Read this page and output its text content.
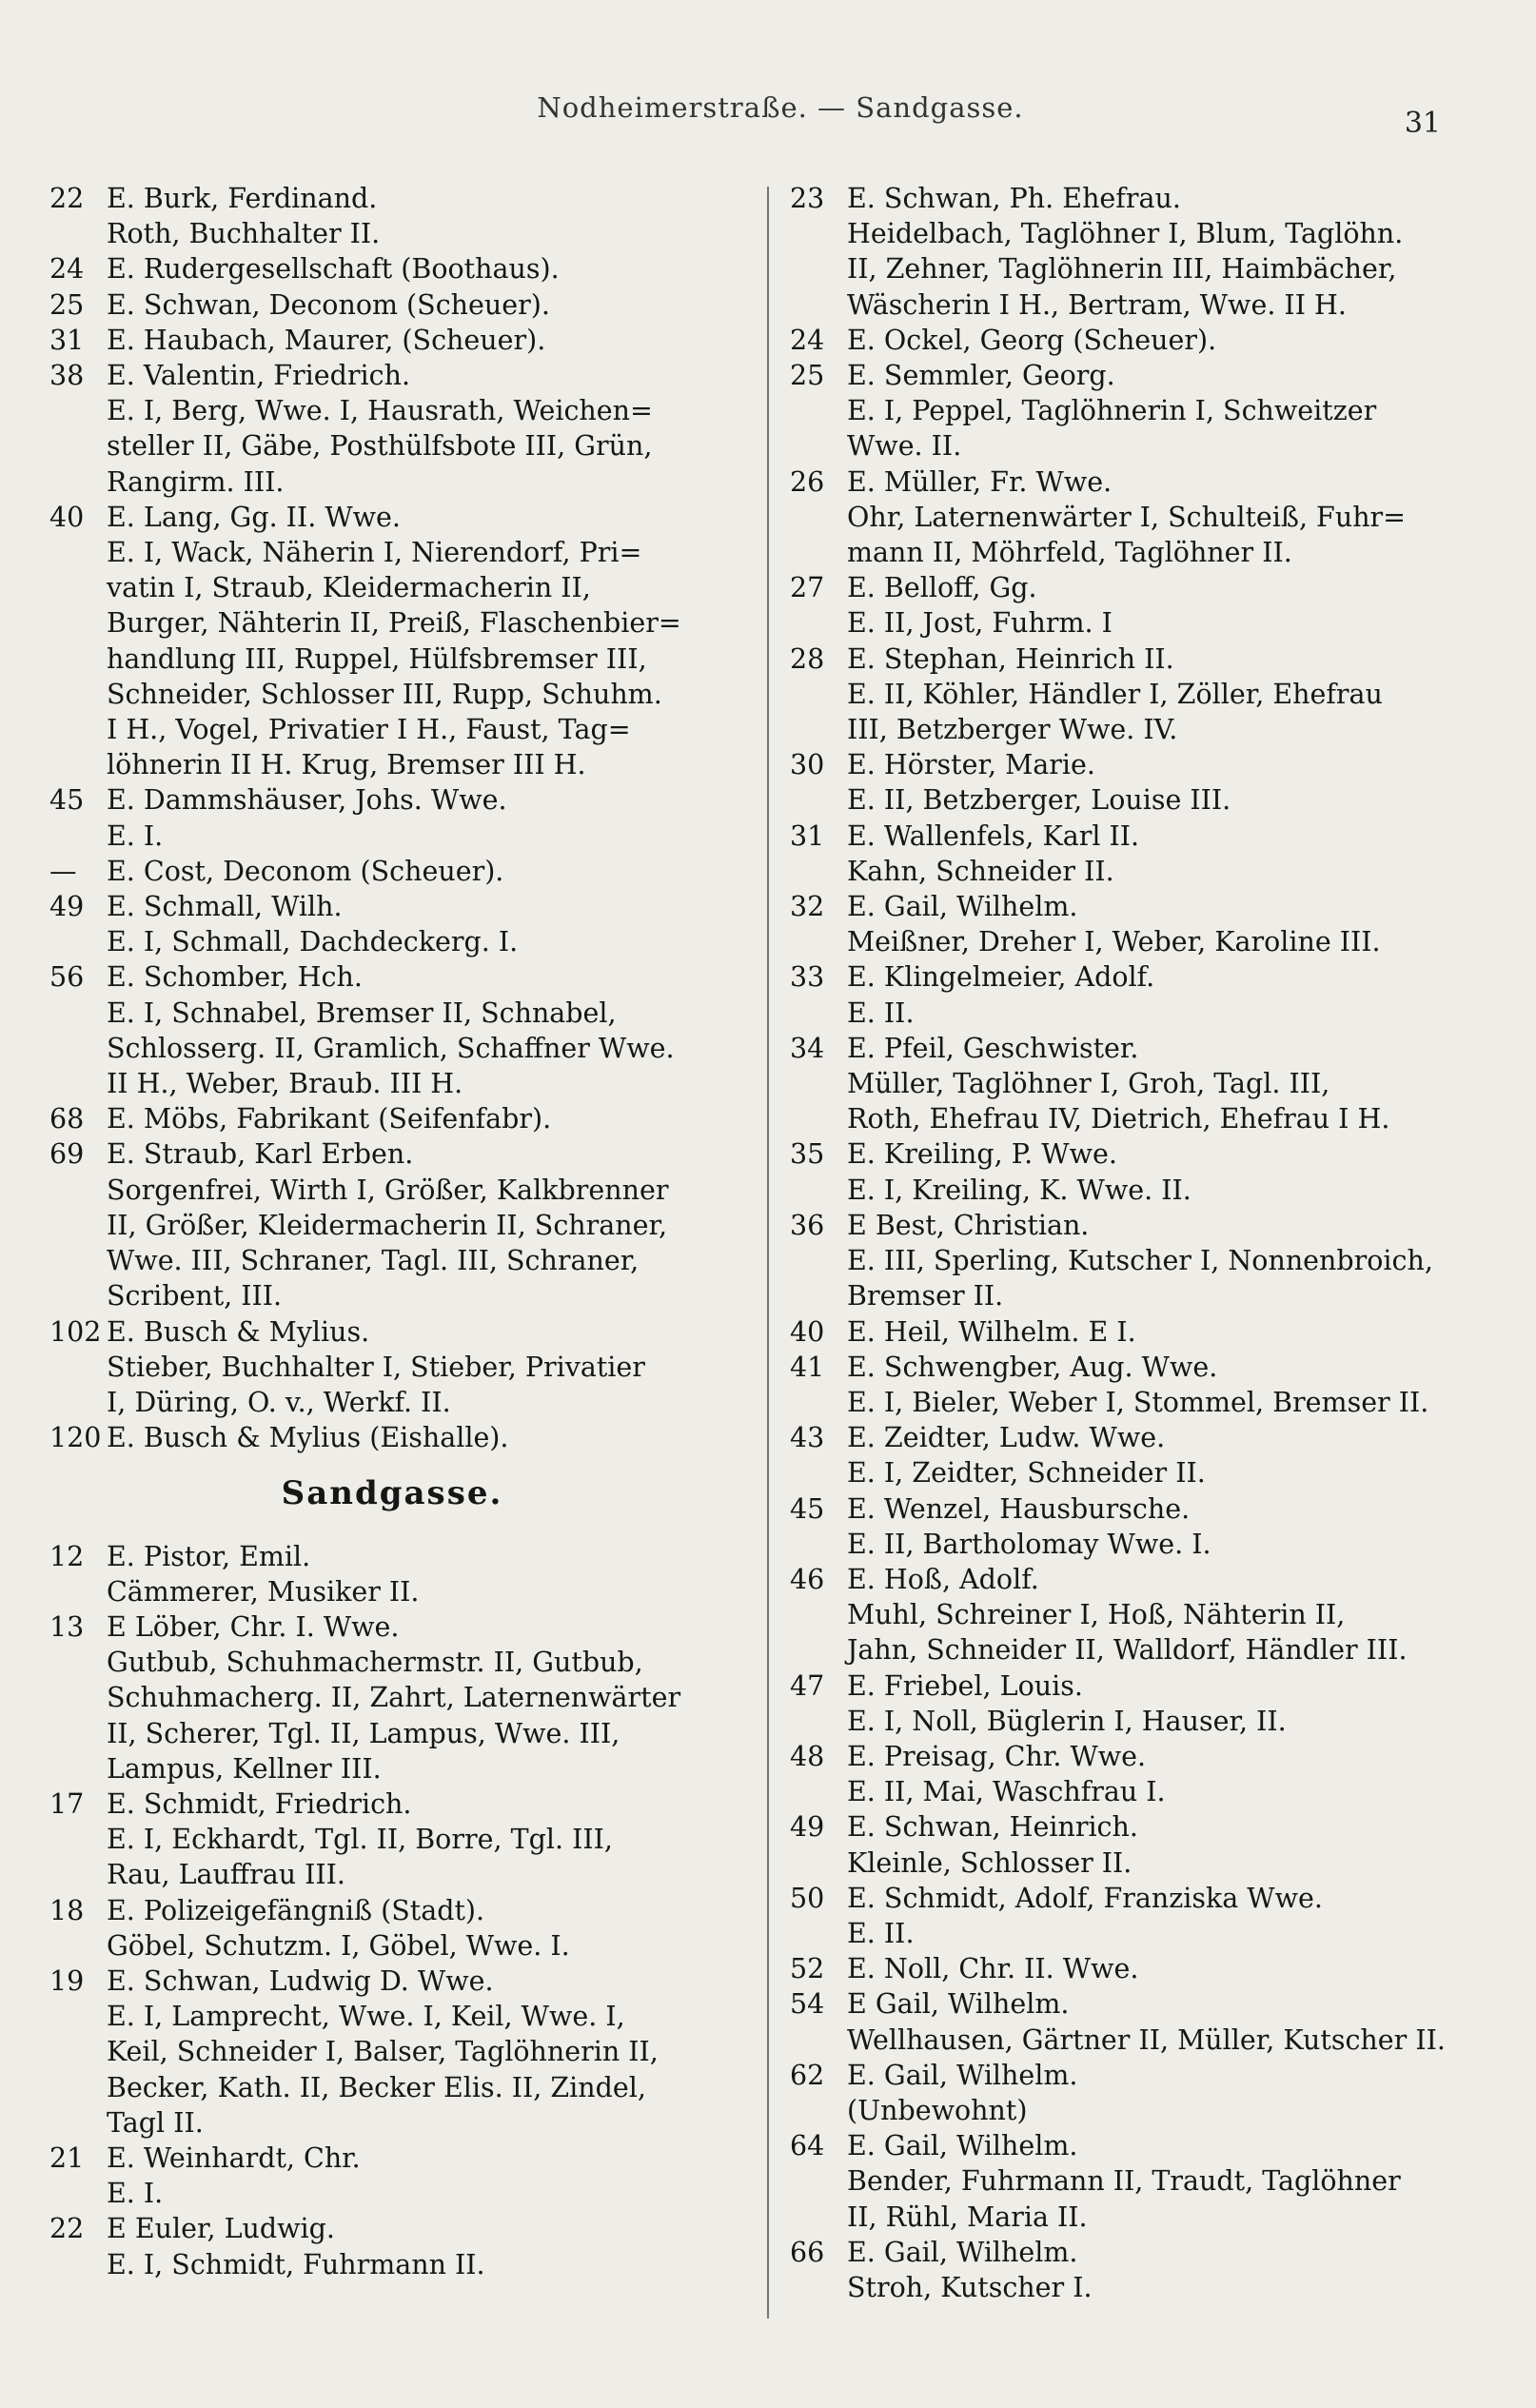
Nodheimerstraße. — Sandgasse.	31
22 E. Burk, Ferdinand.
Roth, Buchhalter II.
24 E. Rudergesellschaft (Boothaus).
25 E. Schwan, Deconom (Scheuer).
31 E. Haubach, Maurer, (Scheuer).
38 E. Valentin, Friedrich.
E. I, Berg, Wwe. I, Hausrath, Weichen=
steller II, Gäbe, Posthülfsbote III, Grün,
Rangirm. III.
40 E. Lang, Gg. II. Wwe.
E. I, Wack, Näherin I, Nierendorf, Pri=
vatin I, Straub, Kleidermacherin II,
Burger, Nähterin II, Preiß, Flaschenbier=
handlung III, Ruppel, Hülfsbremser III,
Schneider, Schlosser III, Rupp, Schuhm.
I H., Vogel, Privatier I H., Faust, Tag=
löhnerin II H. Krug, Bremser III H.
45 E. Dammshäuser, Johs. Wwe.
E. I.
— E. Cost, Deconom (Scheuer).
49 E. Schmall, Wilh.
E. I, Schmall, Dachdeckerg. I.
56 E. Schomber, Hch.
E. I, Schnabel, Bremser II, Schnabel,
Schlosserg. II, Gramlich, Schaffner Wwe.
II H., Weber, Braub. III H.
68 E. Möbs, Fabrikant (Seifenfabr).
69 E. Straub, Karl Erben.
Sorgenfrei, Wirth I, Größer, Kalkbrenner
II, Größer, Kleidermacherin II, Schraner,
Wwe. III, Schraner, Tagl. III, Schraner,
Scribent, III.
102 E. Busch & Mylius.
Stieber, Buchhalter I, Stieber, Privatier
I, Düring, O. v., Werkf. II.
120 E. Busch & Mylius (Eishalle).
Sandgasse.
12 E. Pistor, Emil.
Cämmerer, Musiker II.
13 E Löber, Chr. I. Wwe.
Gutbub, Schuhmachermstr. II, Gutbub,
Schuhmacherg. II, Zahrt, Laternenwärter
II, Scherer, Tgl. II, Lampus, Wwe. III,
Lampus, Kellner III.
17 E. Schmidt, Friedrich.
E. I, Eckhardt, Tgl. II, Borre, Tgl. III,
Rau, Lauffrau III.
18 E. Polizeigefängniß (Stadt).
Göbel, Schutzm. I, Göbel, Wwe. I.
19 E. Schwan, Ludwig D. Wwe.
E. I, Lamprecht, Wwe. I, Keil, Wwe. I,
Keil, Schneider I, Balser, Taglöhnerin II,
Becker, Kath. II, Becker Elis. II, Zindel,
Tagl II.
21 E. Weinhardt, Chr.
E. I.
22 E Euler, Ludwig.
E. I, Schmidt, Fuhrmann II.
23 E. Schwan, Ph. Ehefrau.
Heidelbach, Taglöhner I, Blum, Taglöhn.
II, Zehner, Taglöhnerin III, Haimbächer,
Wäscherin I H., Bertram, Wwe. II H.
24 E. Ockel, Georg (Scheuer).
25 E. Semmler, Georg.
E. I, Peppel, Taglöhnerin I, Schweitzer
Wwe. II.
26 E. Müller, Fr. Wwe.
Ohr, Laternenwärter I, Schulteiß, Fuhr=
mann II, Möhrfeld, Taglöhner II.
27 E. Belloff, Gg.
E. II, Jost, Fuhrm. I
28 E. Stephan, Heinrich II.
E. II, Köhler, Händler I, Zöller, Ehefrau
III, Betzberger Wwe. IV.
30 E. Hörster, Marie.
E. II, Betzberger, Louise III.
31 E. Wallenfels, Karl II.
Kahn, Schneider II.
32 E. Gail, Wilhelm.
Meißner, Dreher I, Weber, Karoline III.
33 E. Klingelmeier, Adolf.
E. II.
34 E. Pfeil, Geschwister.
Müller, Taglöhner I, Groh, Tagl. III,
Roth, Ehefrau IV, Dietrich, Ehefrau I H.
35 E. Kreiling, P. Wwe.
E. I, Kreiling, K. Wwe. II.
36 E Best, Christian.
E. III, Sperling, Kutscher I, Nonnenbroich,
Bremser II.
40 E. Heil, Wilhelm. E I.
41 E. Schwengber, Aug. Wwe.
E. I, Bieler, Weber I, Stommel, Bremser II.
43 E. Zeidter, Ludw. Wwe.
E. I, Zeidter, Schneider II.
45 E. Wenzel, Hausbursche.
E. II, Bartholomay Wwe. I.
46 E. Hoß, Adolf.
Muhl, Schreiner I, Hoß, Nähterin II,
Jahn, Schneider II, Walldorf, Händler III.
47 E. Friebel, Louis.
E. I, Noll, Büglerin I, Hauser, II.
48 E. Preisag, Chr. Wwe.
E. II, Mai, Waschfrau I.
49 E. Schwan, Heinrich.
Kleinle, Schlosser II.
50 E. Schmidt, Adolf, Franziska Wwe.
E. II.
52 E. Noll, Chr. II. Wwe.
54 E Gail, Wilhelm.
Wellhausen, Gärtner II, Müller, Kutscher II.
62 E. Gail, Wilhelm.
(Unbewohnt)
64 E. Gail, Wilhelm.
Bender, Fuhrmann II, Traudt, Taglöhner
II, Rühl, Maria II.
66 E. Gail, Wilhelm.
Stroh, Kutscher I.
